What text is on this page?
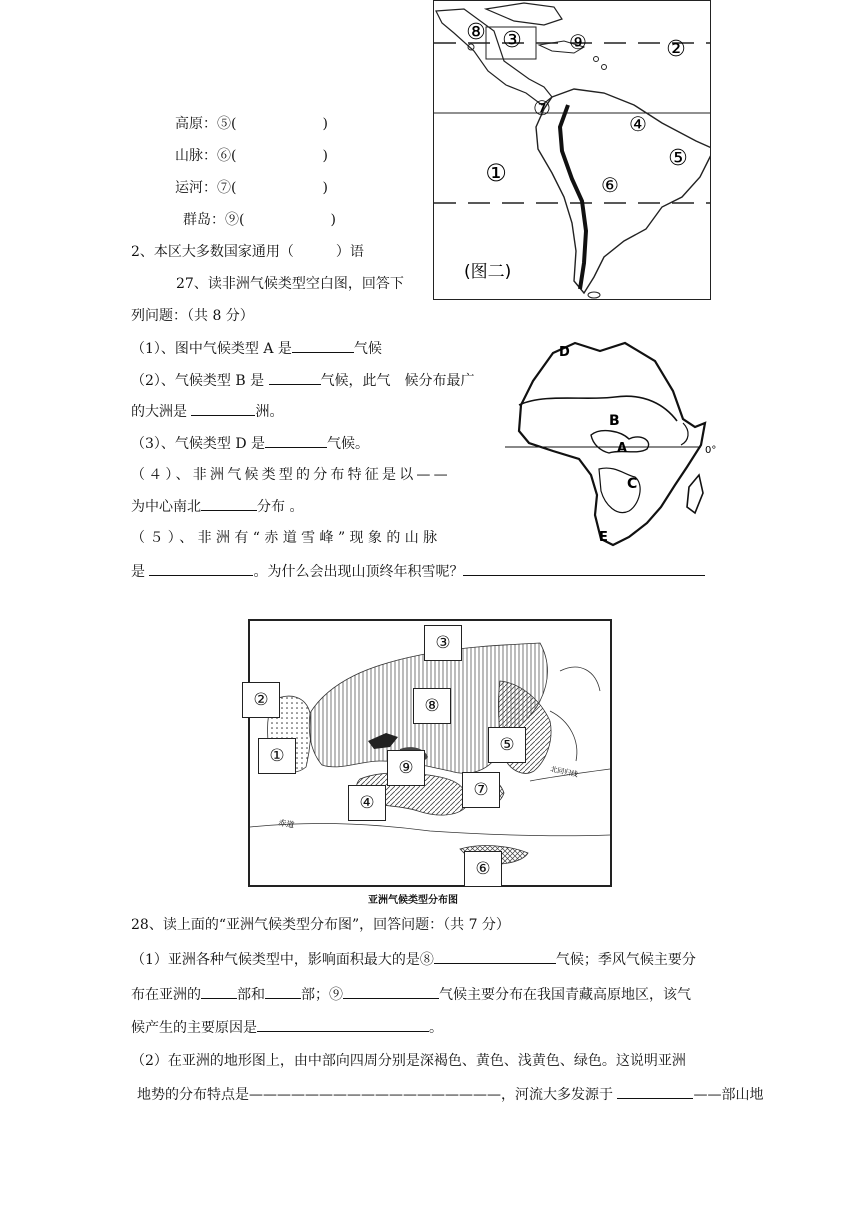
高原：⑤(	)
山脉：⑥(	)
运河：⑦(	)
群岛：⑨(	)
2、本区大多数国家通用（	）语
27、读非洲气候类型空白图，回答下
列问题：（共 8 分）
（1）、图中气候类型 A 是	气候
（2）、气候类型 B 是	气候，此气　候分布最广
的大洲是	洲。
（3）、气候类型 D 是	气候。
（４）、非洲气候类型的分布特征是以——
为中心南北	分布 。
（５）、非洲有“赤道雪峰”现象的山脉
是	。为什么会出现山顶终年积雪呢？
⑧ ③ ⑨	②
⑦
④
⑤
①	⑥
(图二)
D
B
A
C
E
0°
赤道
北回归线
③
②	⑧
①
⑤
⑨
⑦
④
⑥
亚洲气候类型分布图
28、读上面的“亚洲气候类型分布图”，回答问题：（共 7 分）
（1）亚洲各种气候类型中，影响面积最大的是⑧	气候；季风气候主要分
布在亚洲的	部和	部；⑨	气候主要分布在我国青藏高原地区，该气
候产生的主要原因是	。
（2）在亚洲的地形图上，由中部向四周分别是深褐色、黄色、浅黄色、绿色。这说明亚洲
地势的分布特点是——————————————————，河流大多发源于	——部山地
